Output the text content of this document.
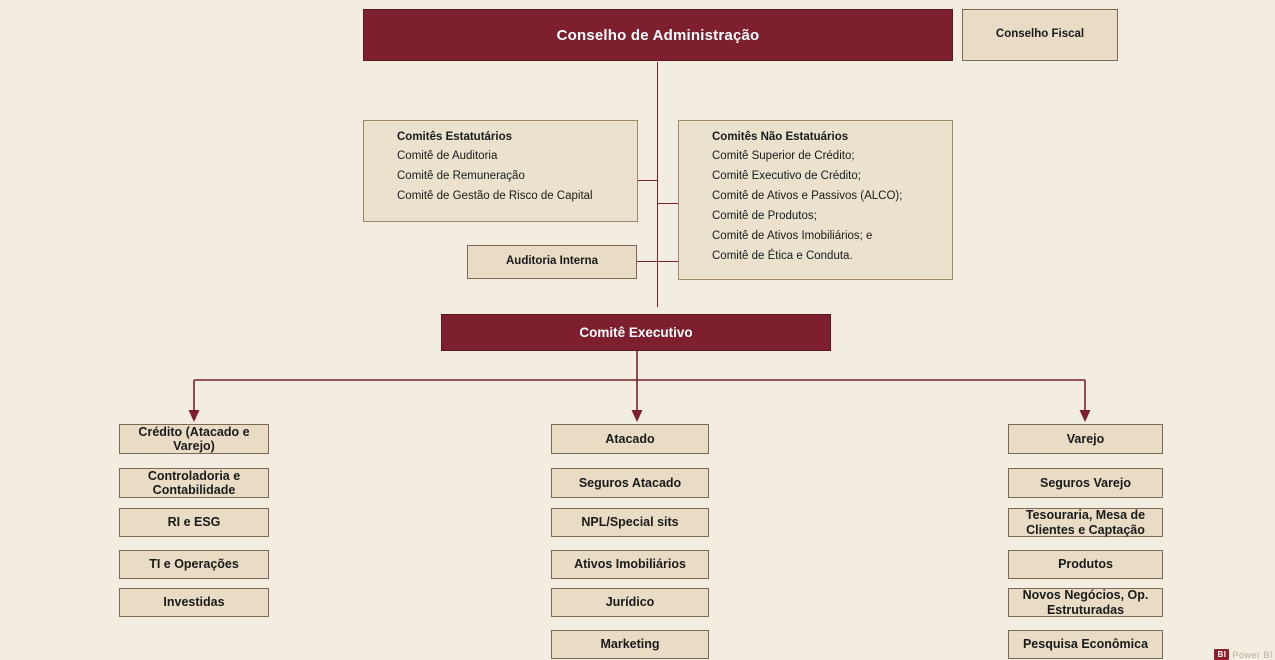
Conselho de Administração	Conselho Fiscal
Comitês Estatutários
Comitê de Auditoria
Comitê de Remuneração
Comitê de Gestão de Risco de Capital
Comitês Não Estatuários
Comitê Superior de Crédito;
Comitê Executivo de Crédito;
Comitê de Ativos e Passivos (ALCO);
Comitê de Produtos;
Comitê de Ativos Imobiliários; e
Comitê de Ética e Conduta.
Auditoria Interna
Comitê Executivo
Crédito (Atacado e Varejo)
Controladoria e Contabilidade
RI e ESG
TI e Operações
Investidas
Atacado
Seguros Atacado
NPL/Special sits
Ativos Imobiliários
Jurídico
Marketing
Varejo
Seguros Varejo
Tesouraria, Mesa de Clientes e Captação
Produtos
Novos Negócios, Op. Estruturadas
Pesquisa Econômica
BI Power BI
